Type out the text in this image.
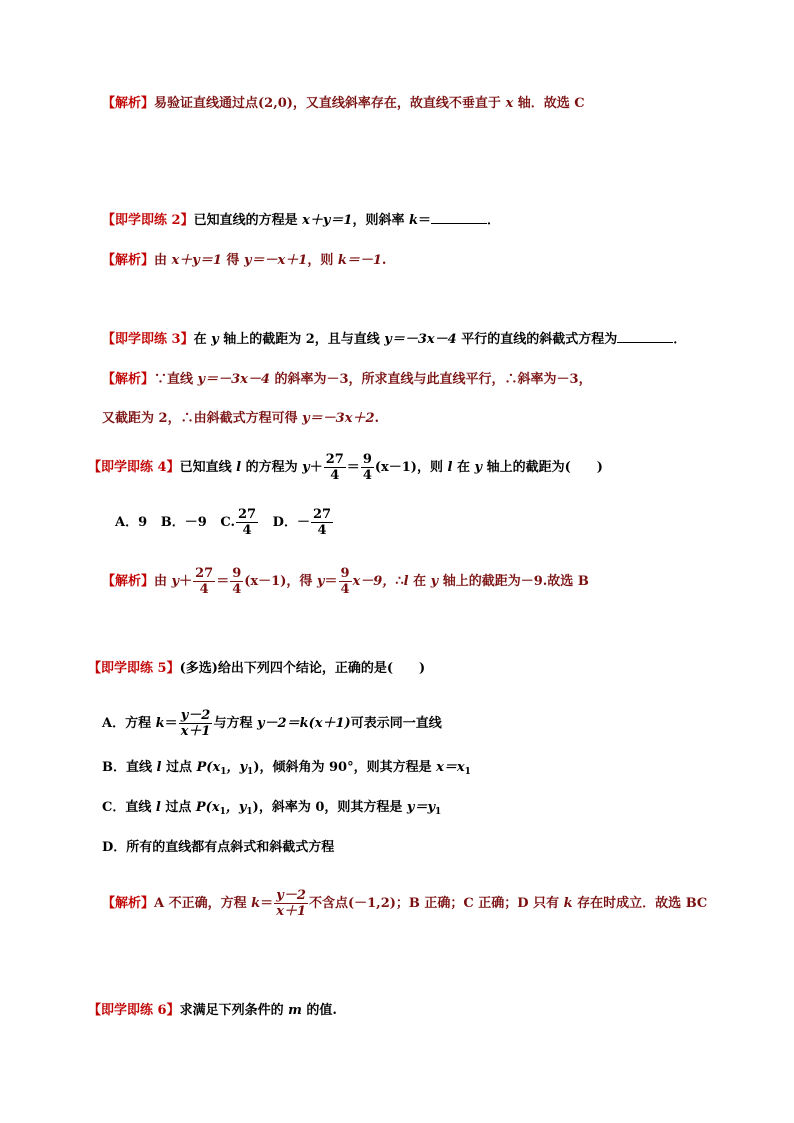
【解析】易验证直线通过点(2,0)，又直线斜率存在，故直线不垂直于 x 轴．故选 C
【即学即练 2】已知直线的方程是 x＋y＝1，则斜率 k＝	．
【解析】由 x＋y＝1 得 y＝－x＋1，则 k＝－1.
【即学即练 3】在 y 轴上的截距为 2，且与直线 y＝－3x－4 平行的直线的斜截式方程为	．
【解析】∵直线 y＝－3x－4 的斜率为－3，所求直线与此直线平行，∴斜率为－3，
又截距为 2，∴由斜截式方程可得 y＝－3x＋2.
【即学即练 4】已知直线 l 的方程为 $y+ \frac{27}{4} = \frac{9}{4} (x-1)$，则 l 在 y 轴上的截距为(　　)
A．9 B．－9 C. $\frac{27}{4}$ D．－ $\frac{27}{4}$
【解析】由 $y+ \frac{27}{4} = \frac{9}{4} (x-1)$，得 $y= \frac{9}{4} x-9$，∴l 在 y 轴上的截距为－9.故选 B
【即学即练 5】(多选)给出下列四个结论，正确的是(　　)
A．方程 $k= \frac{y-2}{x+1}$ 与方程 y－2＝k(x＋1)可表示同一直线
B．直线 l 过点 $P(x_1$，$y_1$)，倾斜角为 90°，则其方程是 $x=x_1$
C．直线 l 过点 $P(x_1$，$y_1$)，斜率为 0，则其方程是 $y=y_1$
D．所有的直线都有点斜式和斜截式方程
【解析】A 不正确，方程 $k= \frac{y-2}{x+1}$ 不含点(－1,2)；B 正确；C 正确；D 只有 k 存在时成立．故选 BC
【即学即练 6】求满足下列条件的 m 的值.
